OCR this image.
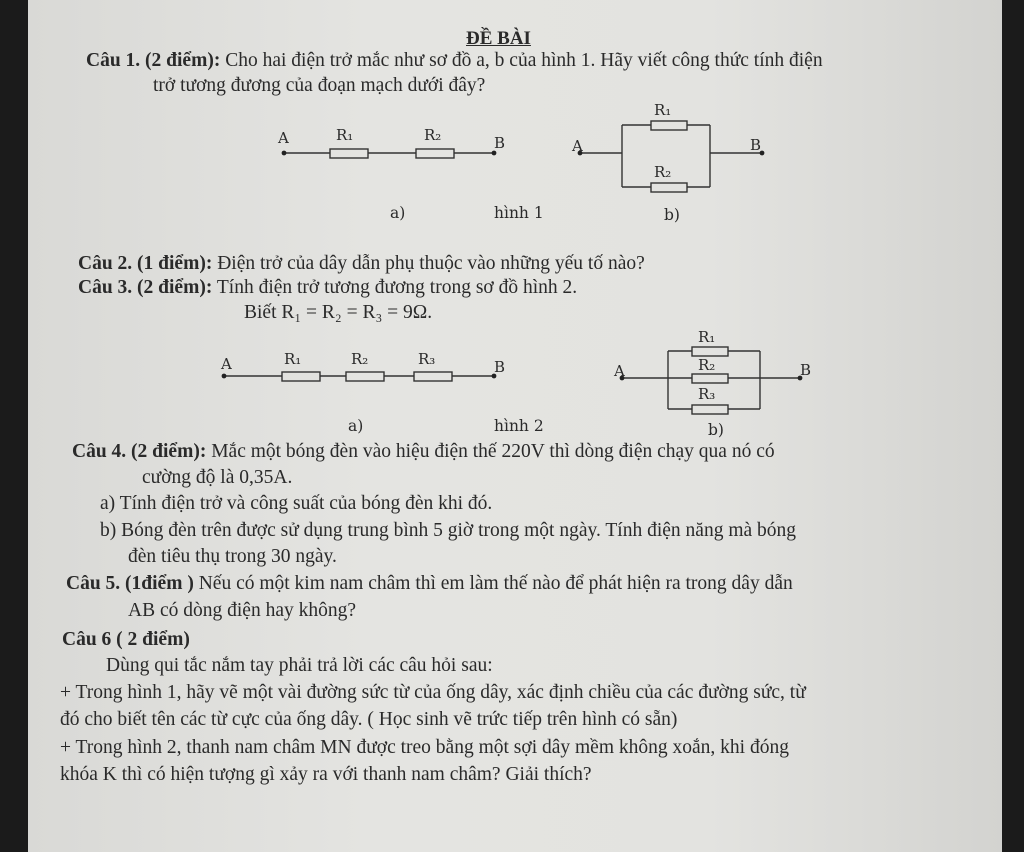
ĐỀ BÀI
Câu 1. (2 điểm): Cho hai điện trở mắc như sơ đồ a, b của hình 1. Hãy viết công thức tính điện
trở tương đương của đoạn mạch dưới đây?
A	R₁	R₂	B
a)	hình 1
A
R₁
R₂
B
b)
Câu 2. (1 điểm): Điện trở của dây dẫn phụ thuộc vào những yếu tố nào?
Câu 3. (2 điểm): Tính điện trở tương đương trong sơ đồ hình 2.
Biết R₁ = R₂ = R₃ = 9Ω.
A	R₁	R₂	R₃	B
a)	hình 2
A
R₁
R₂
R₃
B
b)
Câu 4. (2 điểm): Mắc một bóng đèn vào hiệu điện thế 220V thì dòng điện chạy qua nó có
cường độ là 0,35A.
a) Tính điện trở và công suất của bóng đèn khi đó.
b) Bóng đèn trên được sử dụng trung bình 5 giờ trong một ngày. Tính điện năng mà bóng
đèn tiêu thụ trong 30 ngày.
Câu 5. (1điểm ) Nếu có một kim nam châm thì em làm thế nào để phát hiện ra trong dây dẫn
AB có dòng điện hay không?
Câu 6 ( 2 điểm)
Dùng qui tắc nắm tay phải trả lời các câu hỏi sau:
+ Trong hình 1, hãy vẽ một vài đường sức từ của ống dây, xác định chiều của các đường sức, từ
đó cho biết tên các từ cực của ống dây. ( Học sinh vẽ trức tiếp trên hình có sẵn)
+ Trong hình 2, thanh nam châm MN được treo bằng một sợi dây mềm không xoắn, khi đóng
khóa K thì có hiện tượng gì xảy ra với thanh nam châm? Giải thích?
